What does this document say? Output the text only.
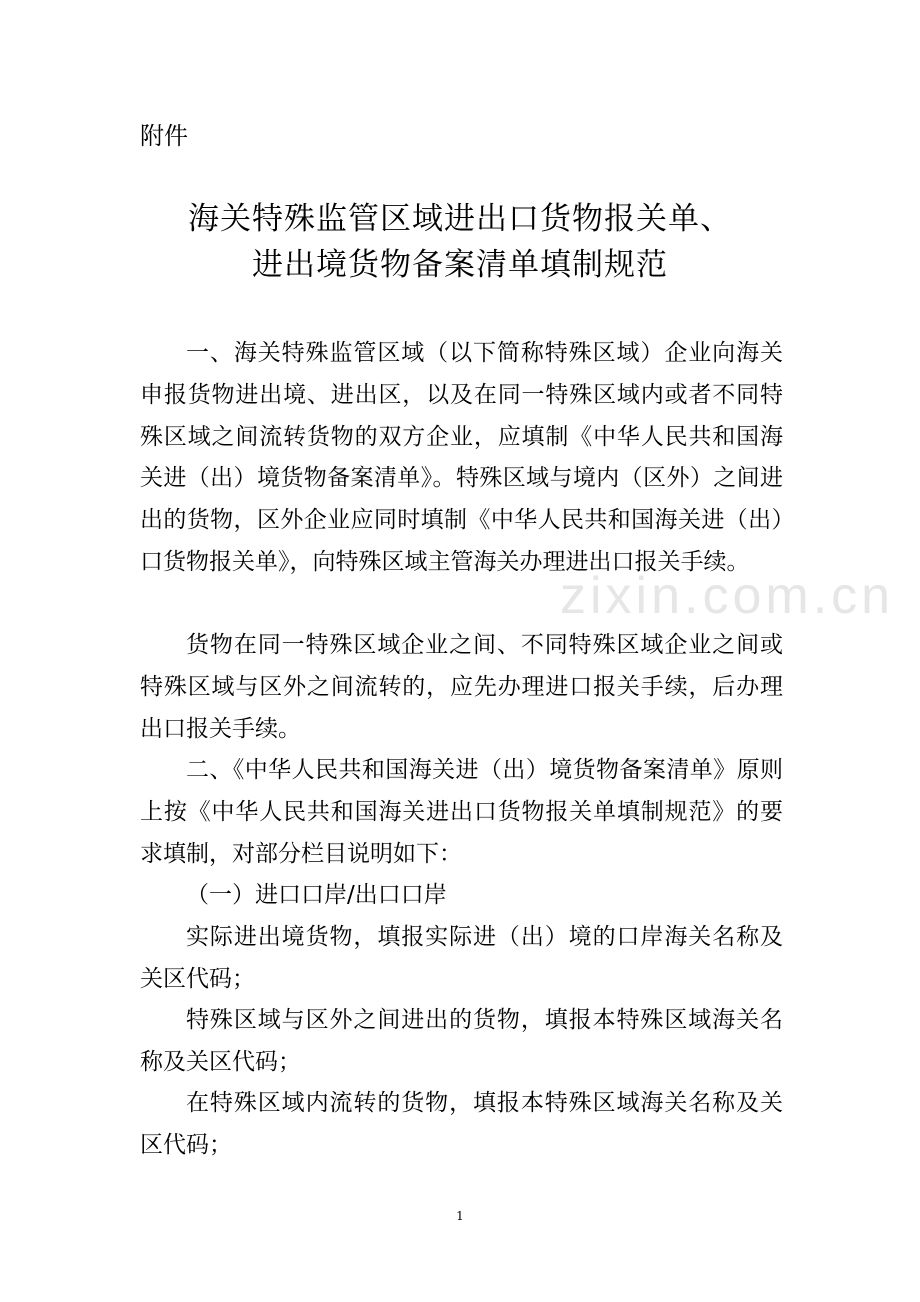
附件

海关特殊监管区域进出口货物报关单、
进出境货物备案清单填制规范

一、海关特殊监管区域（以下简称特殊区域）企业向海关申报货物进出境、进出区，以及在同一特殊区域内或者不同特殊区域之间流转货物的双方企业，应填制《中华人民共和国海关进（出）境货物备案清单》。特殊区域与境内（区外）之间进出的货物，区外企业应同时填制《中华人民共和国海关进（出）口货物报关单》，向特殊区域主管海关办理进出口报关手续。

zixin.com.cn

货物在同一特殊区域企业之间、不同特殊区域企业之间或特殊区域与区外之间流转的，应先办理进口报关手续，后办理出口报关手续。

二、《中华人民共和国海关进（出）境货物备案清单》原则上按《中华人民共和国海关进出口货物报关单填制规范》的要求填制，对部分栏目说明如下：

（一）进口口岸/出口口岸

实际进出境货物，填报实际进（出）境的口岸海关名称及关区代码；

特殊区域与区外之间进出的货物，填报本特殊区域海关名称及关区代码；

在特殊区域内流转的货物，填报本特殊区域海关名称及关区代码；

1
